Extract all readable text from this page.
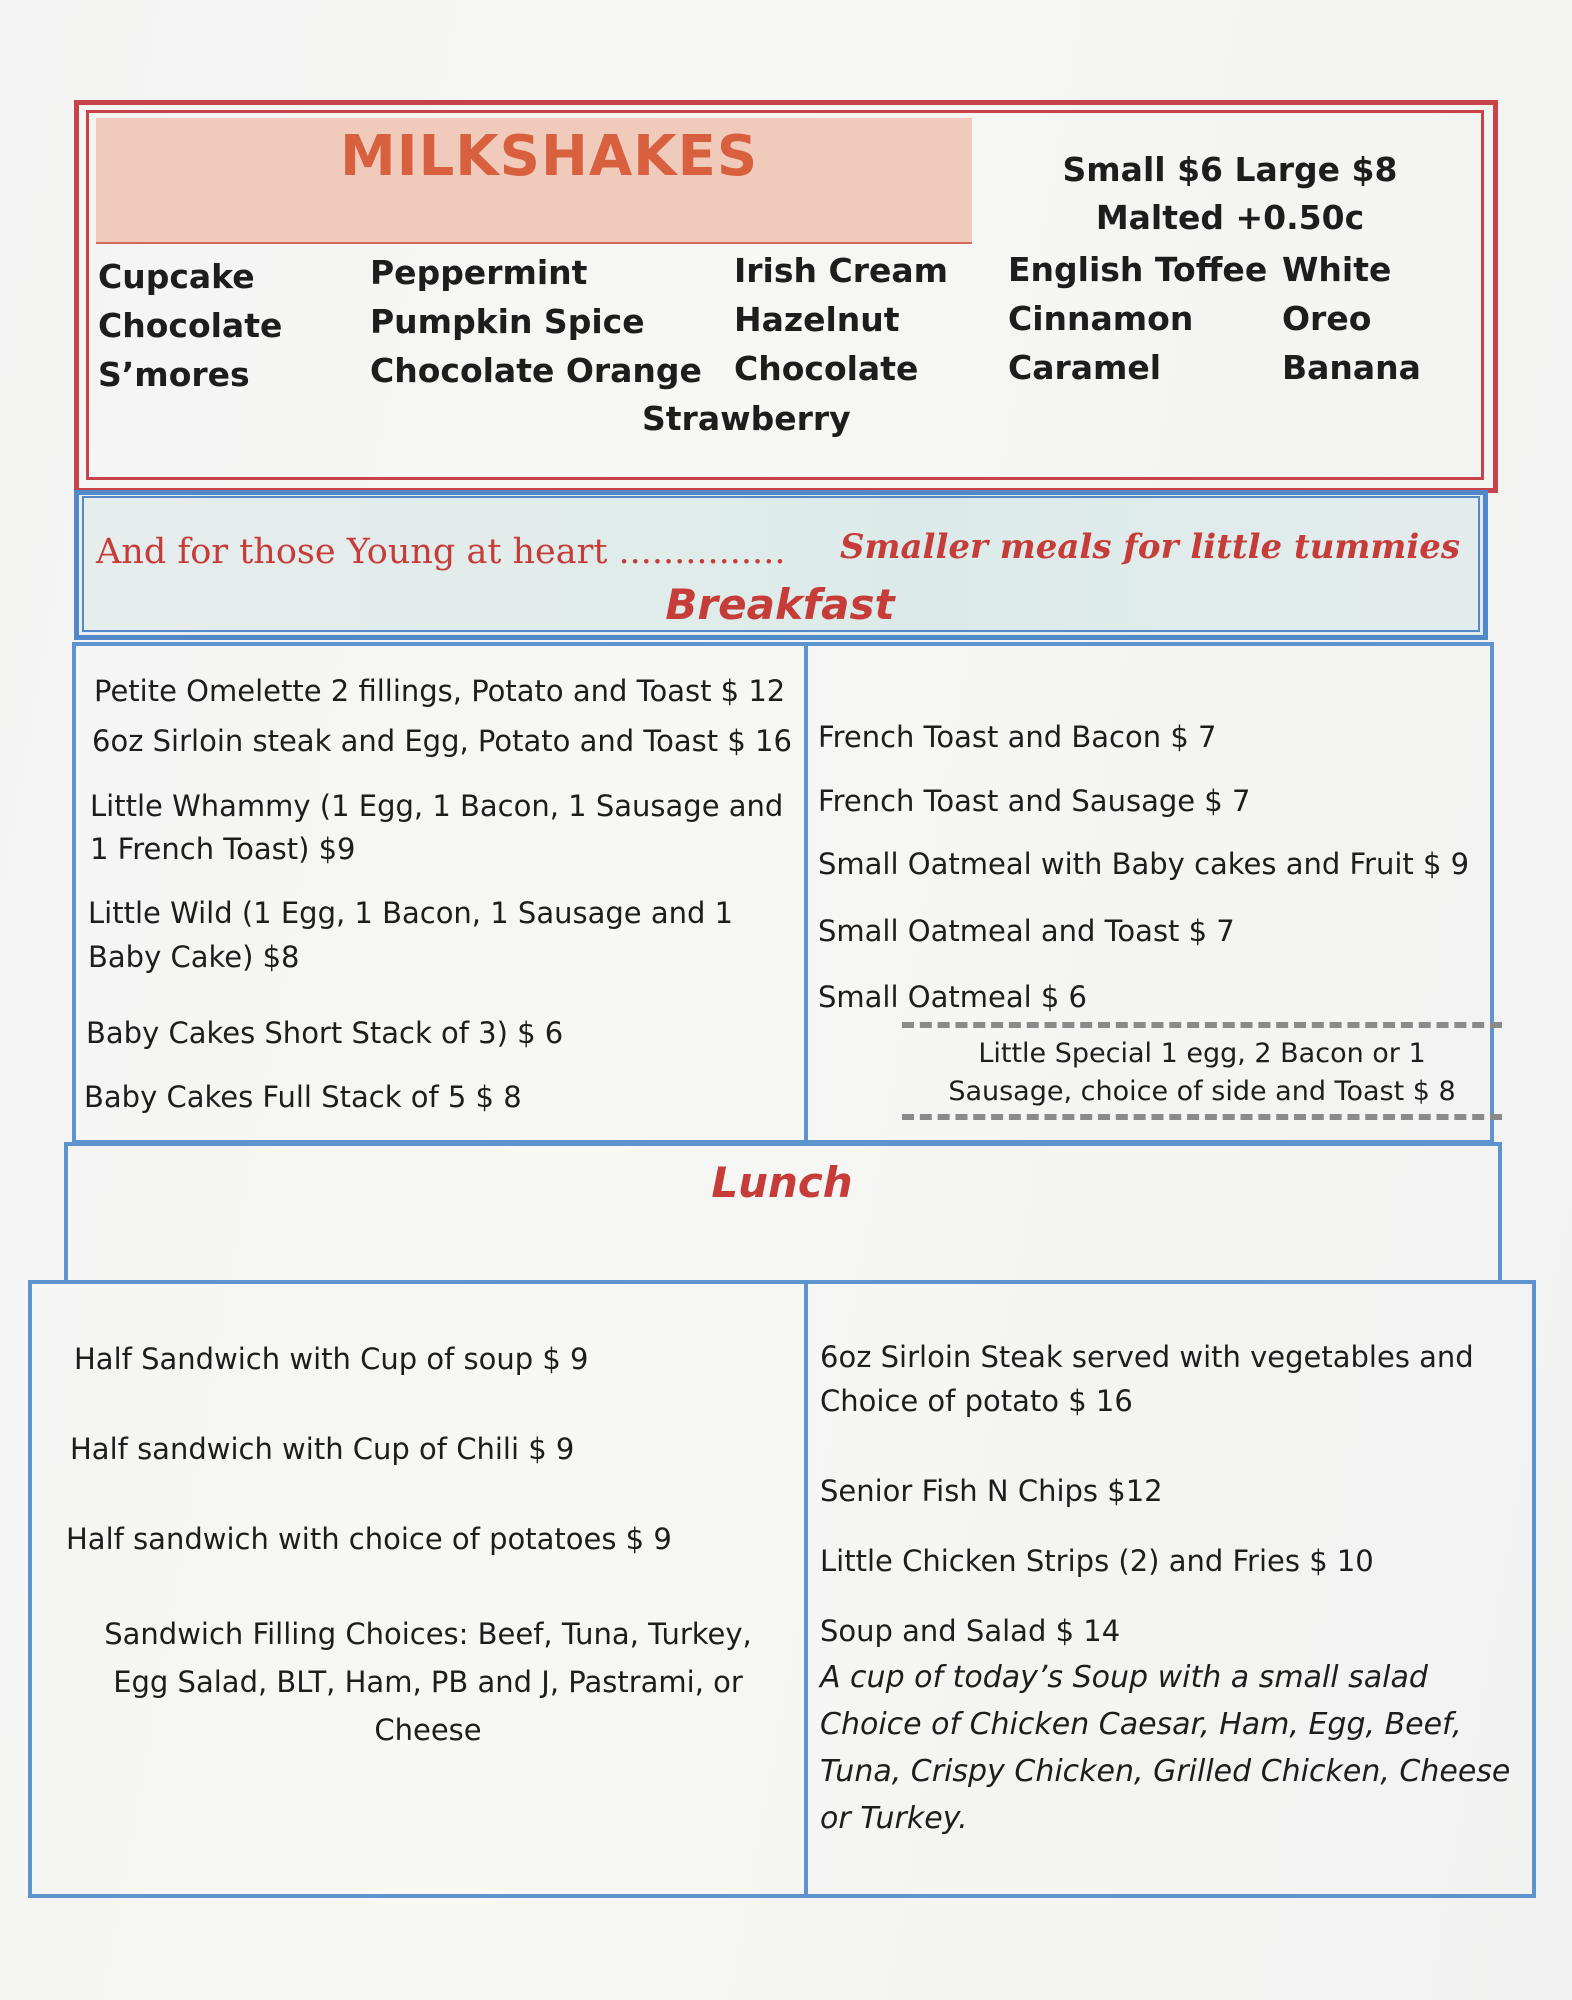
MILKSHAKES	Small $6 Large $8
Malted +0.50c
Cupcake
Chocolate
S’mores
Peppermint
Pumpkin Spice
Chocolate Orange
Irish Cream
Hazelnut
Chocolate
English Toffee
Cinnamon
Caramel
White
Oreo
Banana
Strawberry
And for those Young at heart ............... Smaller meals for little tummies
Breakfast
Petite Omelette 2 fillings, Potato and Toast $ 12
6oz Sirloin steak and Egg, Potato and Toast $ 16
Little Whammy (1 Egg, 1 Bacon, 1 Sausage and
1 French Toast) $9
Little Wild (1 Egg, 1 Bacon, 1 Sausage and 1
Baby Cake) $8
Baby Cakes Short Stack of 3) $ 6
Baby Cakes Full Stack of 5 $ 8
French Toast and Bacon $ 7
French Toast and Sausage $ 7
Small Oatmeal with Baby cakes and Fruit $ 9
Small Oatmeal and Toast $ 7
Small Oatmeal $ 6
Little Special 1 egg, 2 Bacon or 1
Sausage, choice of side and Toast $ 8
Lunch
Half Sandwich with Cup of soup $ 9
Half sandwich with Cup of Chili $ 9
Half sandwich with choice of potatoes $ 9
Sandwich Filling Choices: Beef, Tuna, Turkey,
Egg Salad, BLT, Ham, PB and J, Pastrami, or
Cheese
6oz Sirloin Steak served with vegetables and
Choice of potato $ 16
Senior Fish N Chips $12
Little Chicken Strips (2) and Fries $ 10
Soup and Salad $ 14
A cup of today’s Soup with a small salad
Choice of Chicken Caesar, Ham, Egg, Beef,
Tuna, Crispy Chicken, Grilled Chicken, Cheese
or Turkey.
